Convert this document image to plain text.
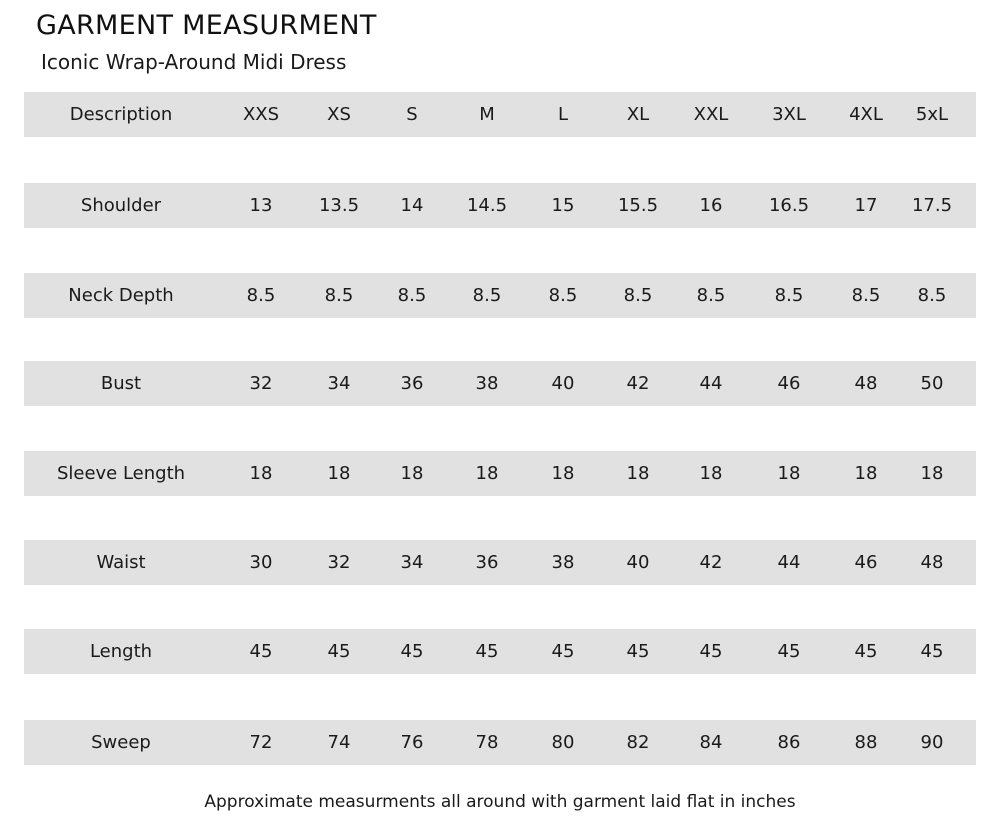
GARMENT MEASURMENT
Iconic Wrap-Around Midi Dress
Description	XXS	XS	S	M	L	XL XXL 3XL 4XL 5xL
Shoulder	13	13.5 14 14.5 15 15.5 16	16.5	17 17.5
Neck Depth	8.5	8.5 8.5	8.5	8.5	8.5 8.5	8.5	8.5 8.5
Bust	32	34	36	38	40	42	44	46	48 50
Sleeve Length	18	18	18	18	18	18	18	18	18 18
Waist	30	32	34	36	38	40	42	44	46 48
Length	45	45	45	45	45	45	45	45	45 45
Sweep	72	74	76	78	80	82	84	86	88 90
Approximate measurments all around with garment laid flat in inches
